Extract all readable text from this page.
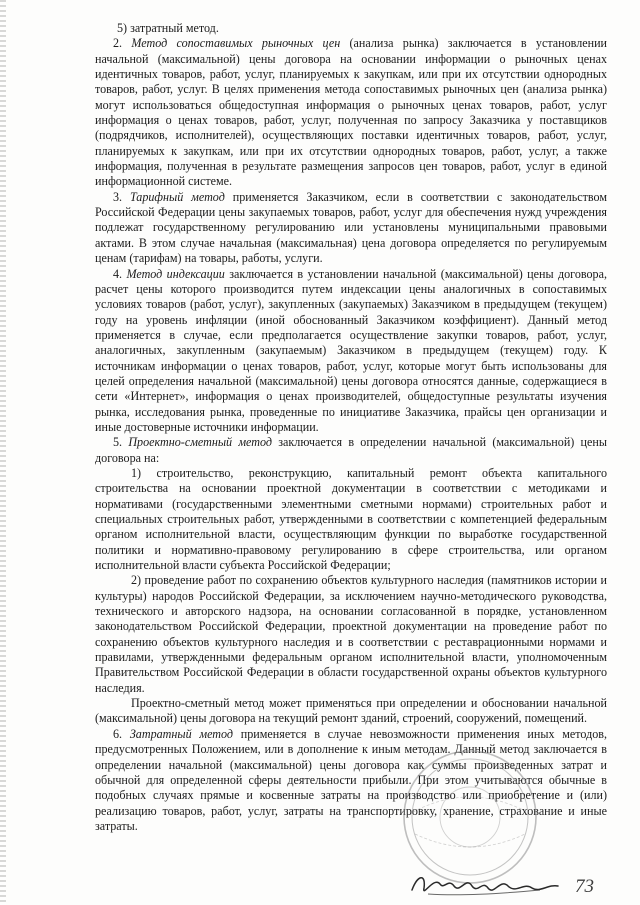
5) затратный метод.

2. Метод сопоставимых рыночных цен (анализа рынка) заключается в установлении начальной (максимальной) цены договора на основании информации о рыночных ценах идентичных товаров, работ, услуг, планируемых к закупкам, или при их отсутствии однородных товаров, работ, услуг. В целях применения метода сопоставимых рыночных цен (анализа рынка) могут использоваться общедоступная информация о рыночных ценах товаров, работ, услуг информация о ценах товаров, работ, услуг, полученная по запросу Заказчика у поставщиков (подрядчиков, исполнителей), осуществляющих поставки идентичных товаров, работ, услуг, планируемых к закупкам, или при их отсутствии однородных товаров, работ, услуг, а также информация, полученная в результате размещения запросов цен товаров, работ, услуг в единой информационной системе.

3. Тарифный метод применяется Заказчиком, если в соответствии с законодательством Российской Федерации цены закупаемых товаров, работ, услуг для обеспечения нужд учреждения подлежат государственному регулированию или установлены муниципальными правовыми актами. В этом случае начальная (максимальная) цена договора определяется по регулируемым ценам (тарифам) на товары, работы, услуги.

4. Метод индексации заключается в установлении начальной (максимальной) цены договора, расчет цены которого производится путем индексации цены аналогичных в сопоставимых условиях товаров (работ, услуг), закупленных (закупаемых) Заказчиком в предыдущем (текущем) году на уровень инфляции (иной обоснованный Заказчиком коэффициент). Данный метод применяется в случае, если предполагается осуществление закупки товаров, работ, услуг, аналогичных, закупленным (закупаемым) Заказчиком в предыдущем (текущем) году. К источникам информации о ценах товаров, работ, услуг, которые могут быть использованы для целей определения начальной (максимальной) цены договора относятся данные, содержащиеся в сети «Интернет», информация о ценах производителей, общедоступные результаты изучения рынка, исследования рынка, проведенные по инициативе Заказчика, прайсы цен организации и иные достоверные источники информации.

5. Проектно-сметный метод заключается в определении начальной (максимальной) цены договора на:

1) строительство, реконструкцию, капитальный ремонт объекта капитального строительства на основании проектной документации в соответствии с методиками и нормативами (государственными элементными сметными нормами) строительных работ и специальных строительных работ, утвержденными в соответствии с компетенцией федеральным органом исполнительной власти, осуществляющим функции по выработке государственной политики и нормативно-правовому регулированию в сфере строительства, или органом исполнительной власти субъекта Российской Федерации;

2) проведение работ по сохранению объектов культурного наследия (памятников истории и культуры) народов Российской Федерации, за исключением научно-методического руководства, технического и авторского надзора, на основании согласованной в порядке, установленном законодательством Российской Федерации, проектной документации на проведение работ по сохранению объектов культурного наследия и в соответствии с реставрационными нормами и правилами, утвержденными федеральным органом исполнительной власти, уполномоченным Правительством Российской Федерации в области государственной охраны объектов культурного наследия.

Проектно-сметный метод может применяться при определении и обосновании начальной (максимальной) цены договора на текущий ремонт зданий, строений, сооружений, помещений.

6. Затратный метод применяется в случае невозможности применения иных методов, предусмотренных Положением, или в дополнение к иным методам. Данный метод заключается в определении начальной (максимальной) цены договора как суммы произведенных затрат и обычной для определенной сферы деятельности прибыли. При этом учитываются обычные в подобных случаях прямые и косвенные затраты на производство или приобретение и (или) реализацию товаров, работ, услуг, затраты на транспортировку, хранение, страхование и иные затраты.

73
